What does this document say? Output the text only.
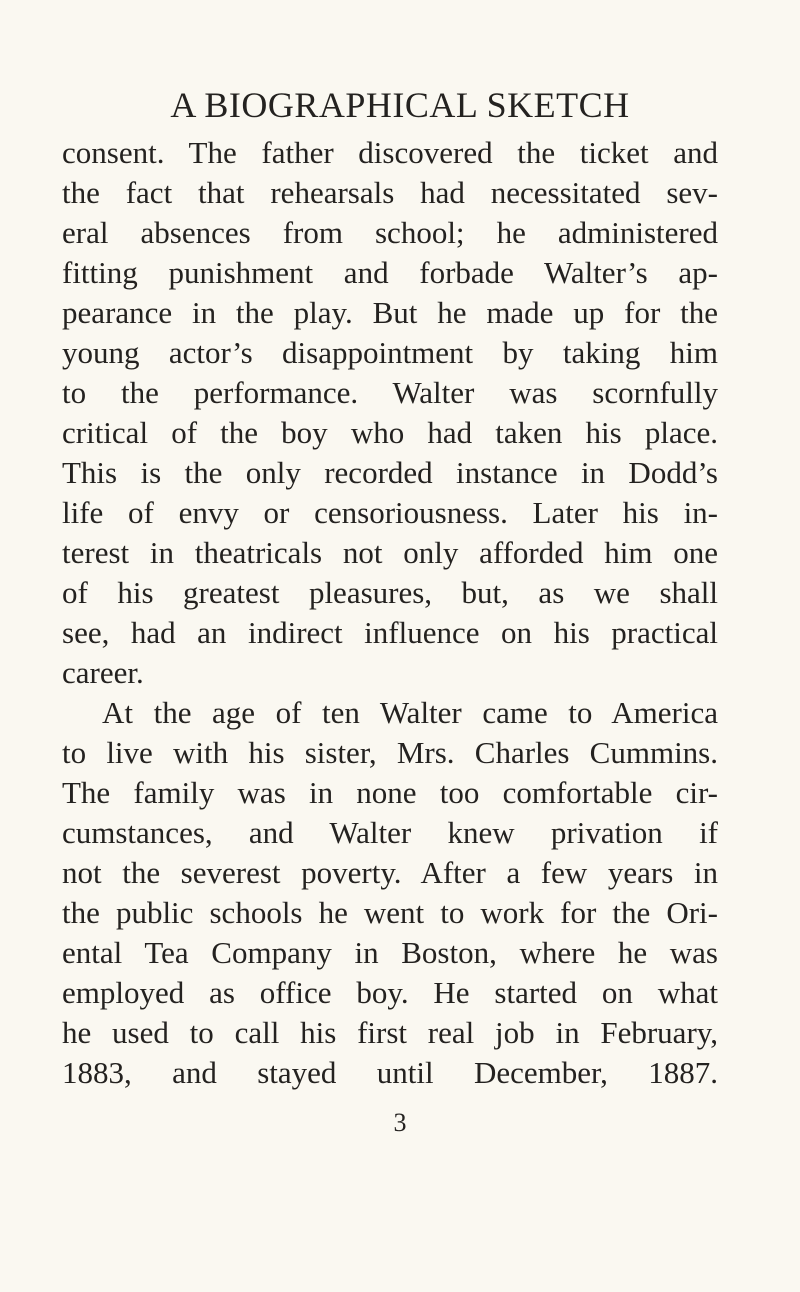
A BIOGRAPHICAL SKETCH
consent. The father discovered the ticket and
the fact that rehearsals had necessitated sev-
eral absences from school; he administered
fitting punishment and forbade Walter’s ap-
pearance in the play. But he made up for the
young actor’s disappointment by taking him
to the performance. Walter was scornfully
critical of the boy who had taken his place.
This is the only recorded instance in Dodd’s
life of envy or censoriousness. Later his in-
terest in theatricals not only afforded him one
of his greatest pleasures, but, as we shall
see, had an indirect influence on his practical
career.
At the age of ten Walter came to America
to live with his sister, Mrs. Charles Cummins.
The family was in none too comfortable cir-
cumstances, and Walter knew privation if
not the severest poverty. After a few years in
the public schools he went to work for the Ori-
ental Tea Company in Boston, where he was
employed as office boy. He started on what
he used to call his first real job in February,
1883, and stayed until December, 1887.
3
